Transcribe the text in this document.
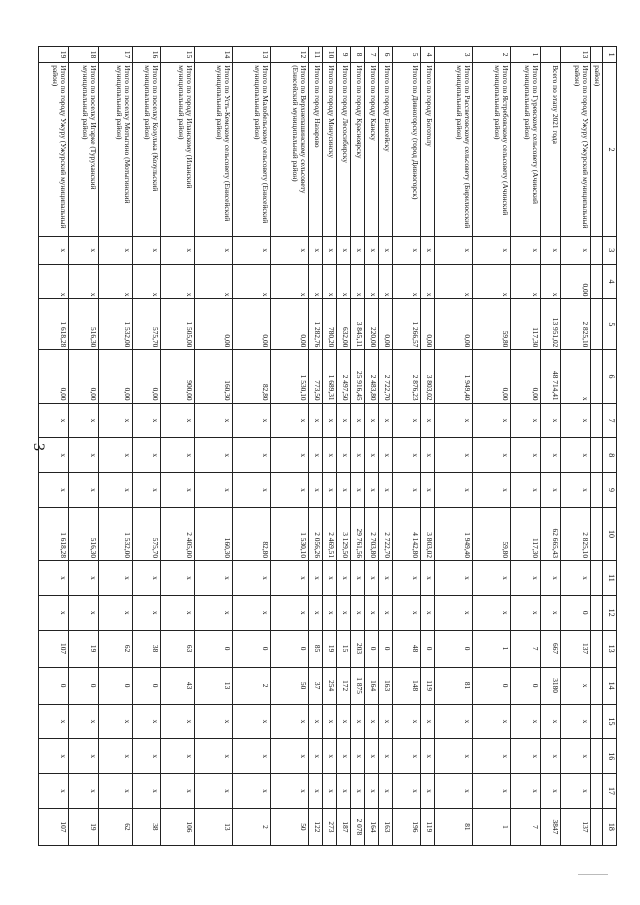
3
1	2	3	4	5	6	7	8	9	10	11	12	13	14	15	16	17	18
	район)																
13	Итого по городу Ужуру (Ужурский муниципальный район)	x	0,00	2 825,10	x	x	x	x	2 825,10	x	0	137	x	x	x	x	137
	Всего по этапу 2021 года	x	x	13 951,02	48 714,41	x	x	x	62 665,43	x	x	667	3180	x	x	x	3847
1	Итого по Гуревскому сельсовету (Ачинский муниципальный район)	x	x	117,30	0,00	x	x	x	117,30	x	x	7	0	x	x	x	7
2	Итого по Ястребовскому сельсовету (Ачинский муниципальный район)	x	x	59,80	0,00	x	x	x	59,80	x	x	1	0	x	x	x	1
3	Итого по Рассветовскому сельсовету (Бирилюсский муниципальный район)	x	x	0,00	1 949,40	x	x	x	1 949,40	x	x	0	81	x	x	x	81
4	Итого по городу Боготолу	x	x	0,00	3 803,02	x	x	x	3 803,02	x	x	0	119	x	x	x	119
5	Итого по Дивногорску (город Дивногорск)	x	x	1 266,57	2 876,23	x	x	x	4 142,80	x	x	48	148	x	x	x	196
6	Итого по городу Енисейску	x	x	0,00	2 722,70	x	x	x	2 722,70	x	x	0	163	x	x	x	163
7	Итого по городу Канску	x	x	220,00	2 483,80	x	x	x	2 703,80	x	x	0	164	x	x	x	164
8	Итого по городу Красноярску	x	x	3 845,11	25 916,45	x	x	x	29 761,56	x	x	203	1 875	x	x	x	2 078
9	Итого по городу Лесосибирску	x	x	632,00	2 497,50	x	x	x	3 129,50	x	x	15	172	x	x	x	187
10	Итого по городу Минусинску	x	x	780,20	1 689,31	x	x	x	2 469,51	x	x	19	254	x	x	x	273
11	Итого по городу Назарово	x	x	1 282,76	773,50	x	x	x	2 056,26	x	x	85	37	x	x	x	122
12	Итого по Верхнепашинскому сельсовету (Енисейский муниципальный район)	x	x	0,00	1 530,10	x	x	x	1 530,10	x	x	0	50	x	x	x	50
13	Итого по Малобельскому сельсовету (Енисейский муниципальный район)	x	x	0,00	82,80	x	x	x	82,80	x	x	0	2	x	x	x	2
14	Итого по Усть-Кемскому сельсовету (Енисейский муниципальный район)	x	x	0,00	160,30	x	x	x	160,30	x	x	0	13	x	x	x	13
15	Итого по городу Иланскому (Иланский муниципальный район)	x	x	1 505,00	900,00	x	x	x	2 405,00	x	x	63	43	x	x	x	106
16	Итого по поселку Козулька (Козульский муниципальный район)	x	x	575,70	0,00	x	x	x	575,70	x	x	38	0	x	x	x	38
17	Итого по поселку Мотыгино (Мотыгинский муниципальный район)	x	x	1 532,00	0,00	x	x	x	1 532,00	x	x	62	0	x	x	x	62
18	Итого по поселку Игарке (Туруханский муниципальный район)	x	x	516,30	0,00	x	x	x	516,30	x	x	19	0	x	x	x	19
19	Итого по городу Ужуру (Ужурский муниципальный район)	x	x	1 618,28	0,00	x	x	x	1 618,28	x	x	107	0	x	x	x	107
